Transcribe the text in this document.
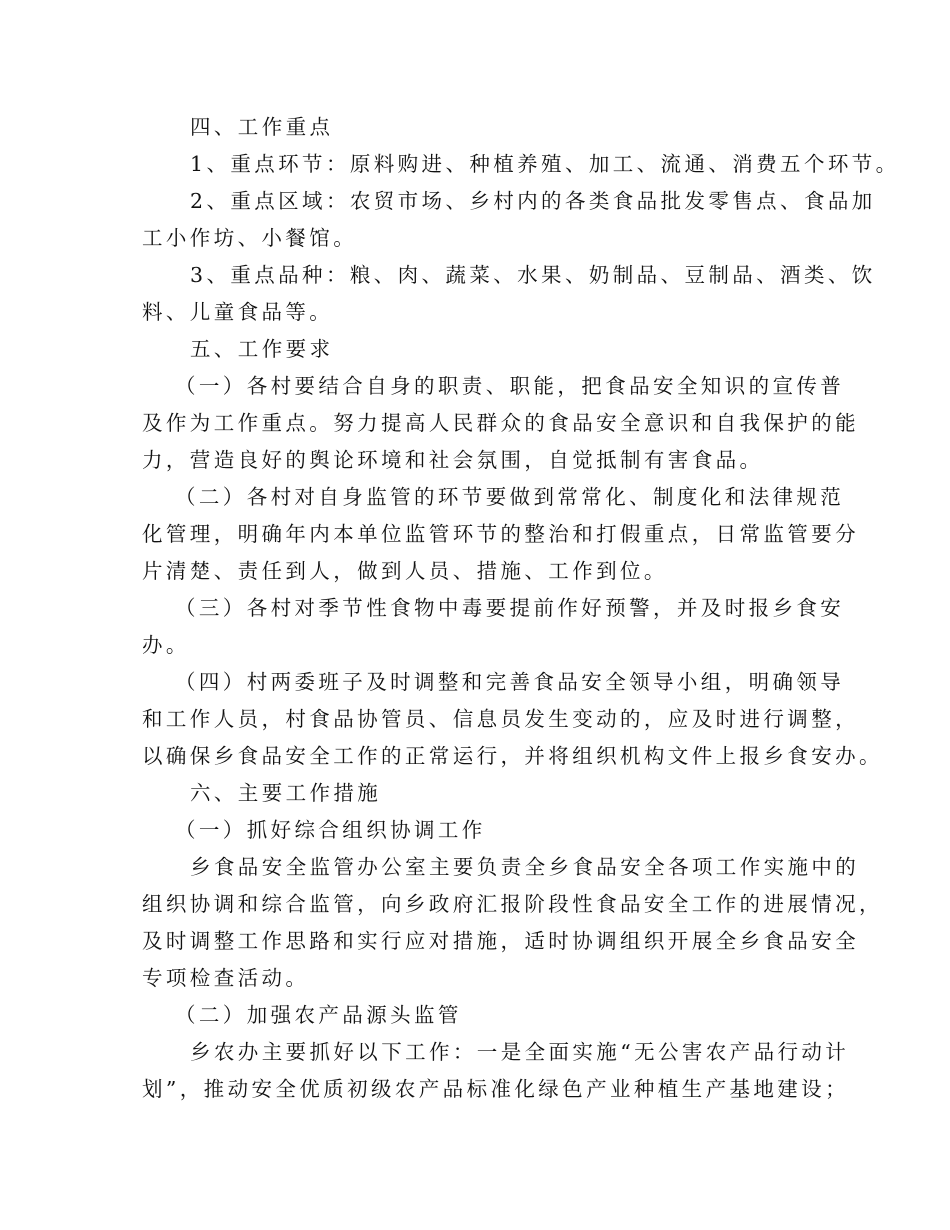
四、工作重点
1、重点环节：原料购进、种植养殖、加工、流通、消费五个环节。
2、重点区域：农贸市场、乡村内的各类食品批发零售点、食品加
工小作坊、小餐馆。
3、重点品种：粮、肉、蔬菜、水果、奶制品、豆制品、酒类、饮
料、儿童食品等。
五、工作要求
（一）各村要结合自身的职责、职能，把食品安全知识的宣传普
及作为工作重点。努力提高人民群众的食品安全意识和自我保护的能
力，营造良好的舆论环境和社会氛围，自觉抵制有害食品。
（二）各村对自身监管的环节要做到常常化、制度化和法律规范
化管理，明确年内本单位监管环节的整治和打假重点，日常监管要分
片清楚、责任到人，做到人员、措施、工作到位。
（三）各村对季节性食物中毒要提前作好预警，并及时报乡食安
办。
（四）村两委班子及时调整和完善食品安全领导小组，明确领导
和工作人员，村食品协管员、信息员发生变动的，应及时进行调整，
以确保乡食品安全工作的正常运行，并将组织机构文件上报乡食安办。
六、主要工作措施
（一）抓好综合组织协调工作
乡食品安全监管办公室主要负责全乡食品安全各项工作实施中的
组织协调和综合监管，向乡政府汇报阶段性食品安全工作的进展情况，
及时调整工作思路和实行应对措施，适时协调组织开展全乡食品安全
专项检查活动。
（二）加强农产品源头监管
乡农办主要抓好以下工作：一是全面实施“无公害农产品行动计
划”，推动安全优质初级农产品标准化绿色产业种植生产基地建设；
